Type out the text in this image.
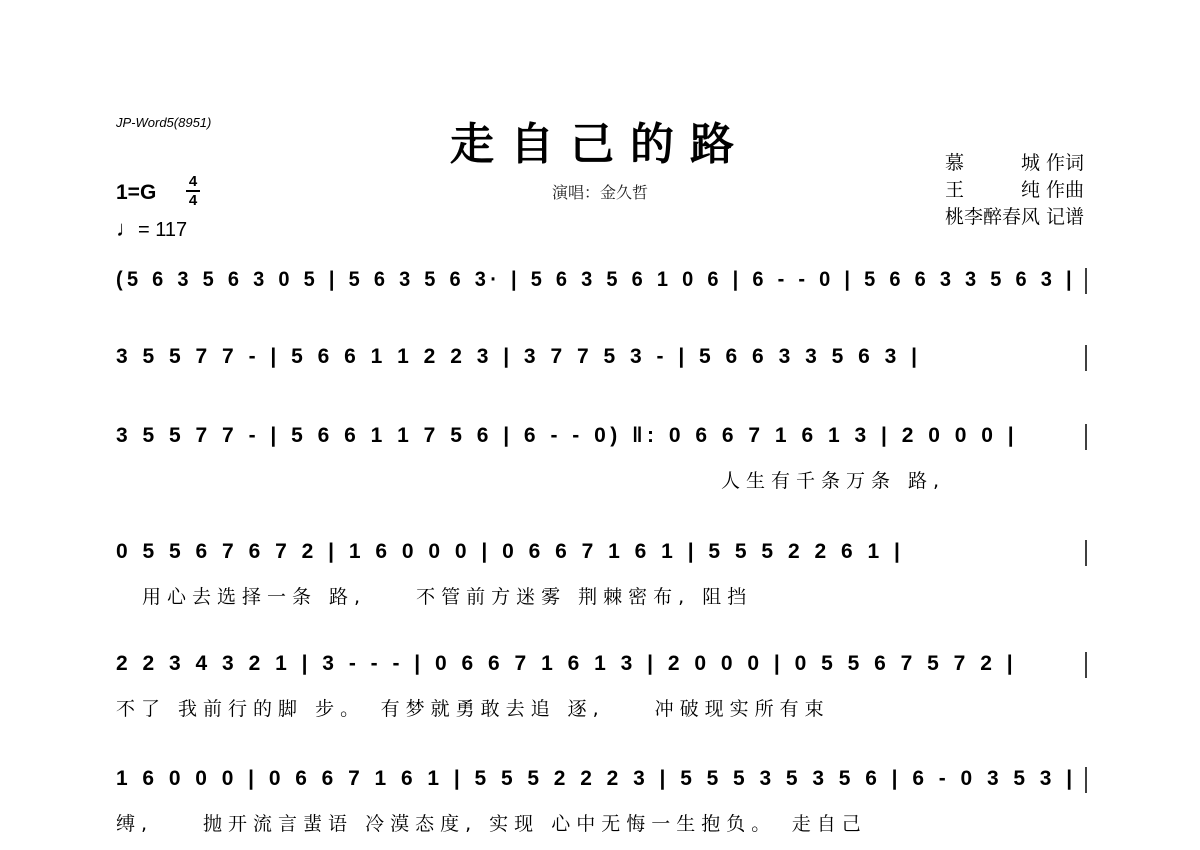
JP-Word5(8951)	走自己的路
演唱：金久哲
慕　　　城 作词
王　　　纯 作曲
桃李醉春风 记谱
1=G 4
4
♩= 117
(5 6 3 5 6 3 0 5 | 5 6 3 5 6 3· | 5 6 3 5 6 1 0 6 | 6 - - 0 | 5 6 6 3 3 5 6 3 |
3 5 5 7 7 - | 5 6 6 1 1 2 2 3 | 3 7 7 5 3 - | 5 6 6 3 3 5 6 3 |
3 5 5 7 7 - | 5 6 6 1 1 7 5 6 | 6 - - 0) ‖: 0 6 6 7 1 6 1 3 | 2 0 0 0 |
人生有千条万条 路,
0 5 5 6 7 6 7 2 | 1 6 0 0 0 | 0 6 6 7 1 6 1 | 5 5 5 2 2 6 1 |
用心去选择一条 路,　　不管前方迷雾 荆棘密布, 阻挡
2 2 3 4 3 2 1 | 3 - - - | 0 6 6 7 1 6 1 3 | 2 0 0 0 | 0 5 5 6 7 5 7 2 |
不了 我前行的脚 步。　有梦就勇敢去追 逐,　　冲破现实所有束
1 6 0 0 0 | 0 6 6 7 1 6 1 | 5 5 5 2 2 2 3 | 5 5 5 3 5 3 5 6 | 6 - 0 3 5 3 |
缚,　　抛开流言蜚语 冷漠态度, 实现 心中无悔一生抱负。　走自己
